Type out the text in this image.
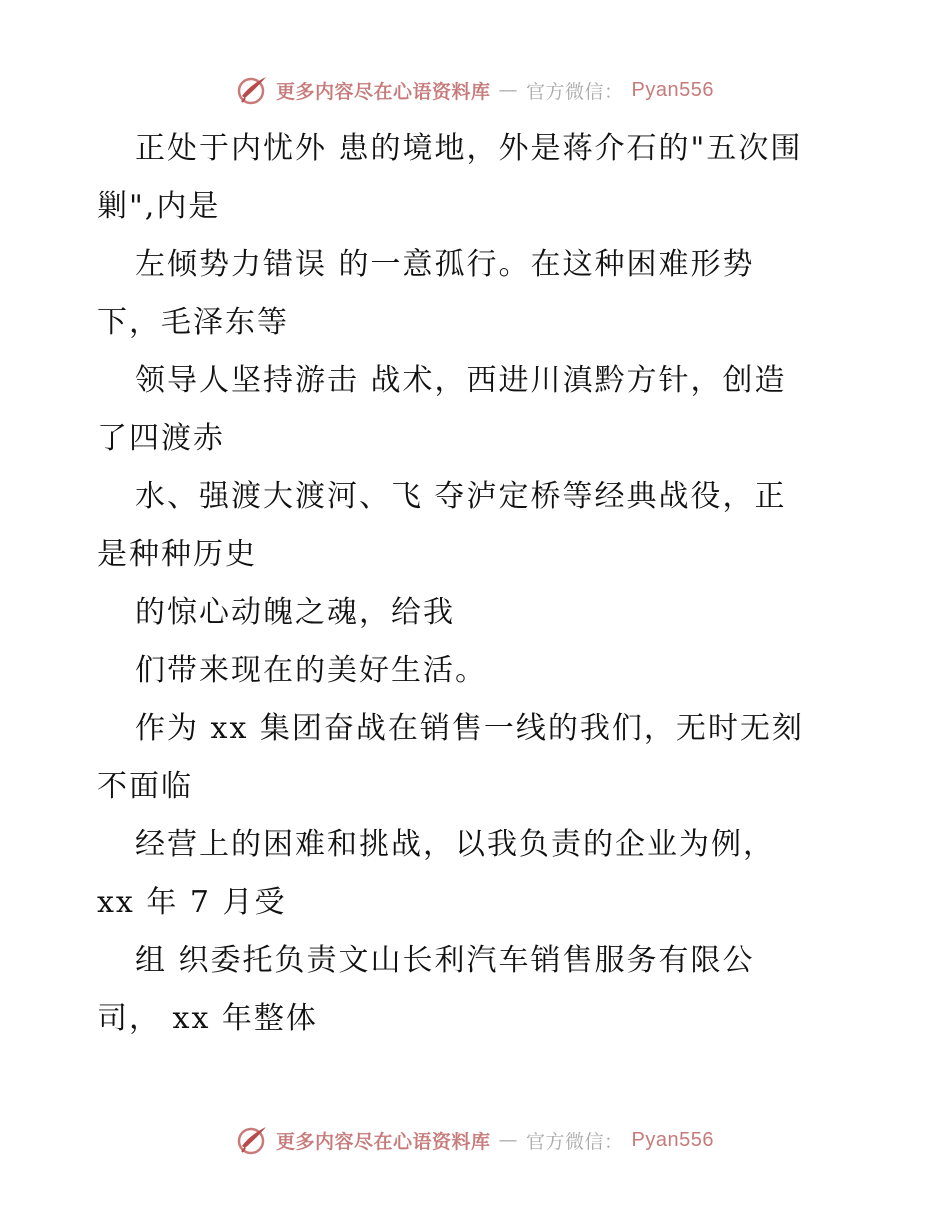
更多内容尽在心语资料库 — 官方微信： Pyan556
正处于内忧外 患的境地，外是蒋介石的"五次围
剿",内是
左倾势力错误 的一意孤行。在这种困难形势
下，毛泽东等
领导人坚持游击 战术，西进川滇黔方针，创造
了四渡赤
水、强渡大渡河、飞 夺泸定桥等经典战役，正
是种种历史
的惊心动魄之魂，给我
们带来现在的美好生活。
作为 xx 集团奋战在销售一线的我们，无时无刻
不面临
经营上的困难和挑战，以我负责的企业为例，
xx 年 7 月受
组 织委托负责文山长利汽车销售服务有限公
司， xx 年整体
更多内容尽在心语资料库 — 官方微信： Pyan556
